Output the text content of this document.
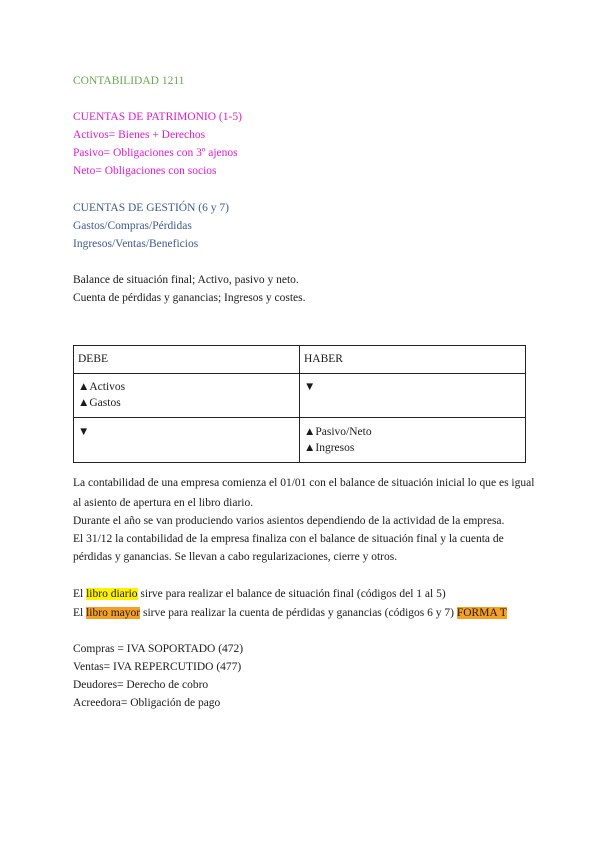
CONTABILIDAD 1211
CUENTAS DE PATRIMONIO (1-5)
Activos= Bienes + Derechos
Pasivo= Obligaciones con 3º ajenos
Neto= Obligaciones con socios
CUENTAS DE GESTIÓN (6 y 7)
Gastos/Compras/Pérdidas
Ingresos/Ventas/Beneficios
Balance de situación final; Activo, pasivo y neto.
Cuenta de pérdidas y ganancias; Ingresos y costes.
DEBE	HABER

▲Activos
▲Gastos	▼

▼	▲Pasivo/Neto
▲Ingresos
La contabilidad de una empresa comienza el 01/01 con el balance de situación inicial lo que es igual
al asiento de apertura en el libro diario.
Durante el año se van produciendo varios asientos dependiendo de la actividad de la empresa.
El 31/12 la contabilidad de la empresa finaliza con el balance de situación final y la cuenta de
pérdidas y ganancias. Se llevan a cabo regularizaciones, cierre y otros.
El libro diario sirve para realizar el balance de situación final (códigos del 1 al 5)
El libro mayor sirve para realizar la cuenta de pérdidas y ganancias (códigos 6 y 7) FORMA T
Compras = IVA SOPORTADO (472)
Ventas= IVA REPERCUTIDO (477)
Deudores= Derecho de cobro
Acreedora= Obligación de pago
